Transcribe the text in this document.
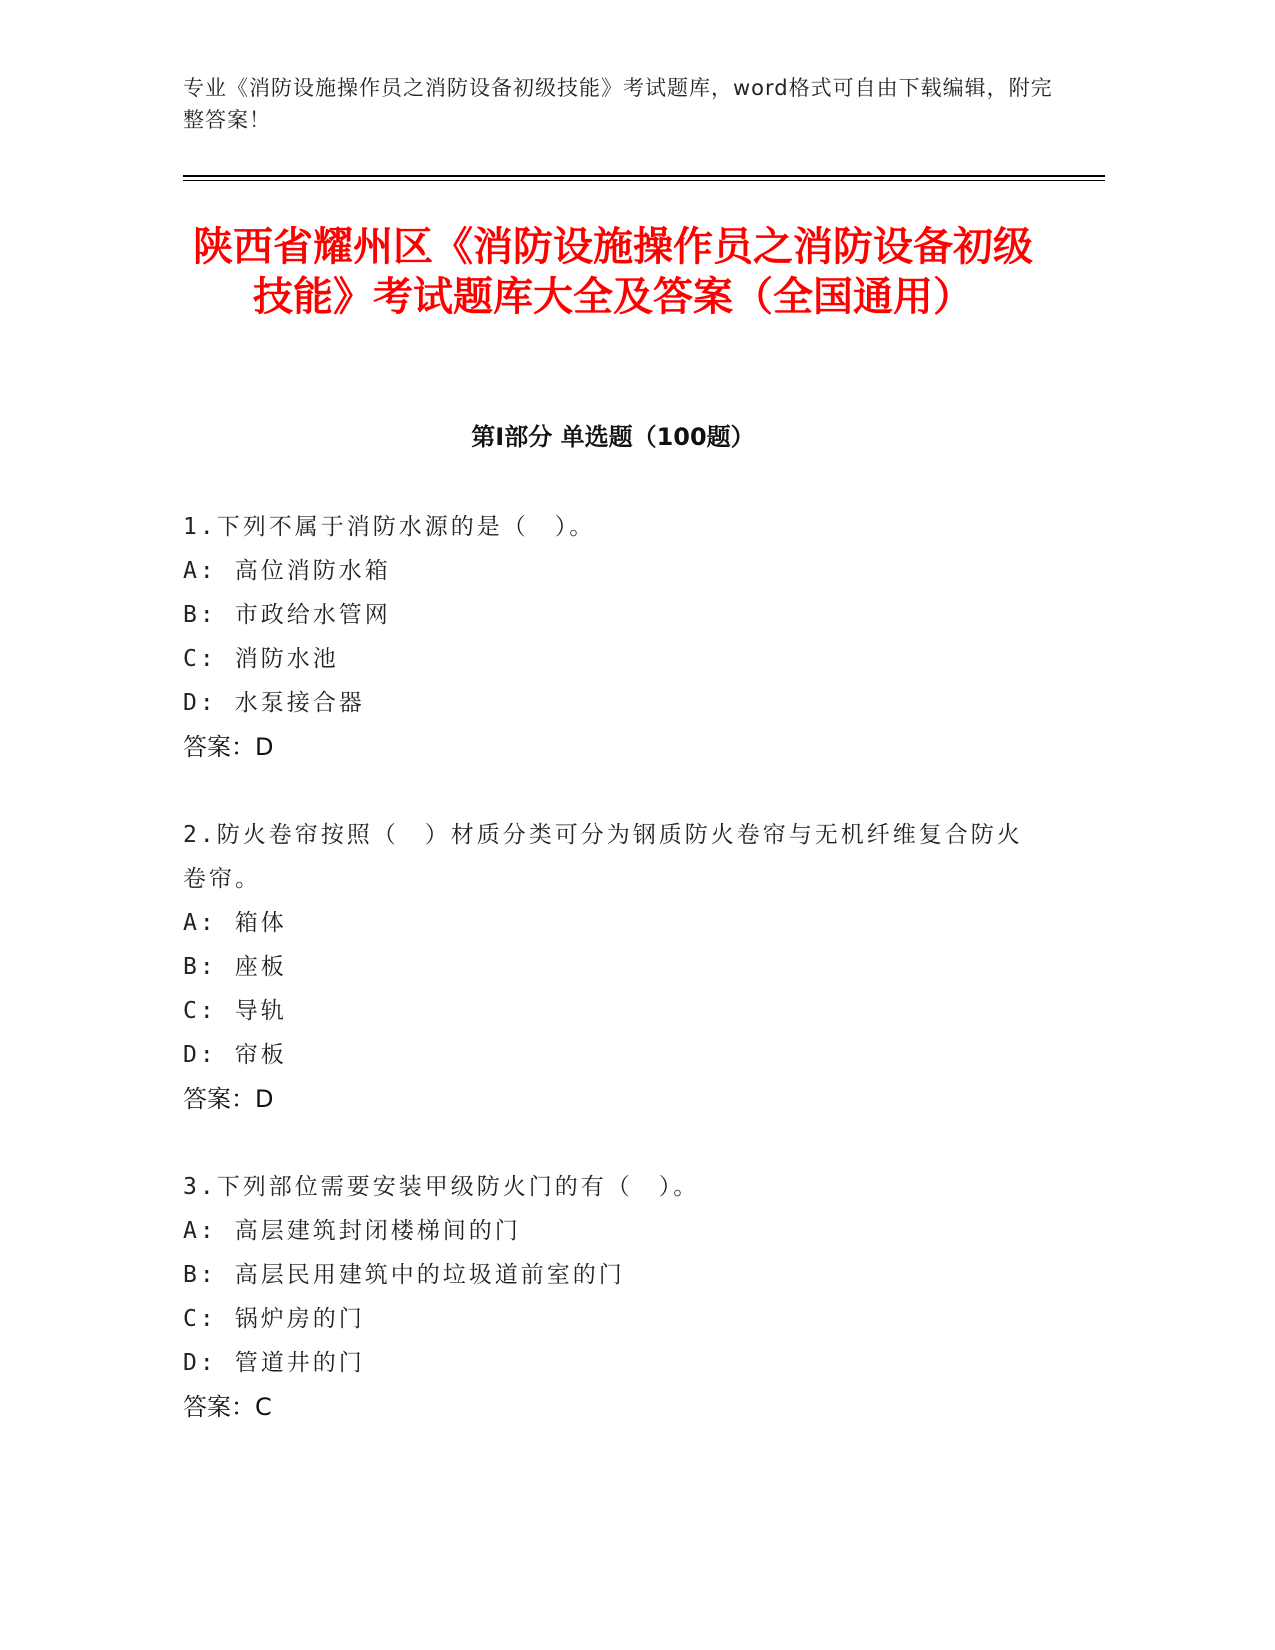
专业《消防设施操作员之消防设备初级技能》考试题库，word格式可自由下载编辑，附完整答案！
陕西省耀州区《消防设施操作员之消防设备初级技能》考试题库大全及答案（全国通用）
第Ⅰ部分 单选题（100题）
1.下列不属于消防水源的是（　）。
A: 高位消防水箱
B: 市政给水管网
C: 消防水池
D: 水泵接合器
答案：D
2.防火卷帘按照（　）材质分类可分为钢质防火卷帘与无机纤维复合防火卷帘。
A: 箱体
B: 座板
C: 导轨
D: 帘板
答案：D
3.下列部位需要安装甲级防火门的有（　）。
A: 高层建筑封闭楼梯间的门
B: 高层民用建筑中的垃圾道前室的门
C: 锅炉房的门
D: 管道井的门
答案：C
